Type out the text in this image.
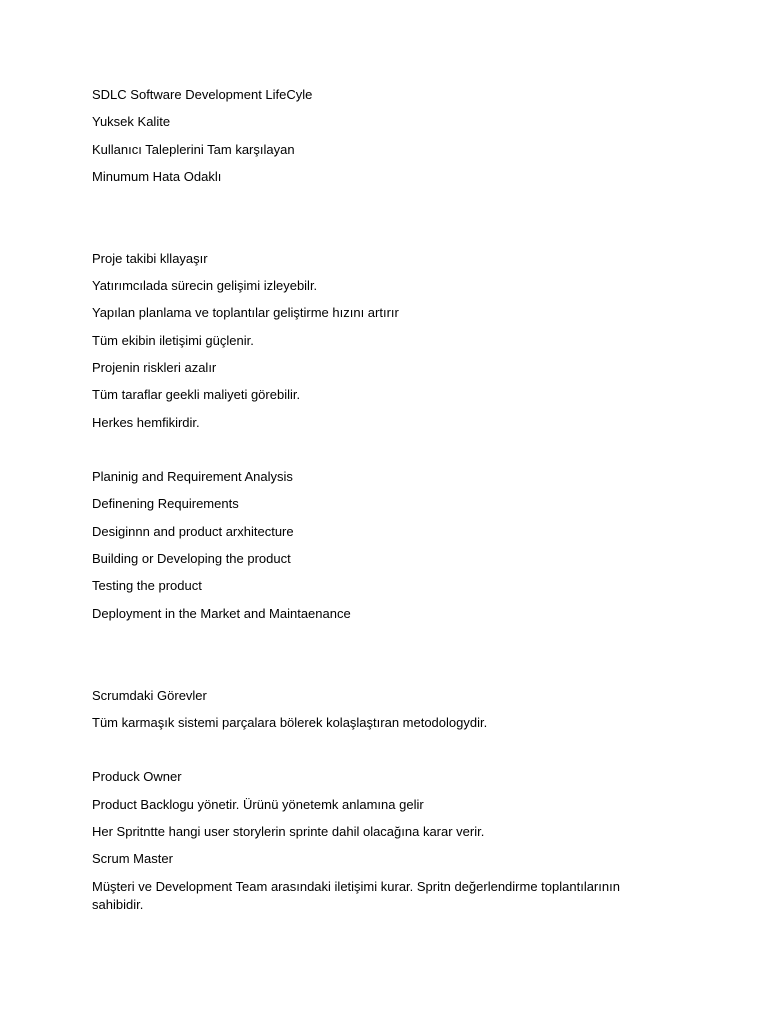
SDLC Software Development LifeCyle
Yuksek Kalite
Kullanıcı Taleplerini Tam karşılayan
Minumum Hata Odaklı
Proje takibi kllayaşır
Yatırımcılada sürecin gelişimi izleyebilr.
Yapılan planlama ve toplantılar geliştirme hızını artırır
Tüm ekibin iletişimi güçlenir.
Projenin riskleri azalır
Tüm taraflar geekli maliyeti görebilir.
Herkes hemfikirdir.
Planinig and Requirement Analysis
Definening Requirements
Desiginnn and product arxhitecture
Building or Developing the product
Testing the product
Deployment in the Market and Maintaenance
Scrumdaki Görevler
Tüm karmaşık sistemi parçalara bölerek kolaşlaştıran metodologydir.
Produck Owner
Product Backlogu yönetir. Ürünü yönetemk anlamına gelir
Her Spritntte hangi user storylerin sprinte dahil olacağına karar verir.
Scrum Master
Müşteri ve Development Team arasındaki iletişimi kurar. Spritn değerlendirme toplantılarının sahibidir.
